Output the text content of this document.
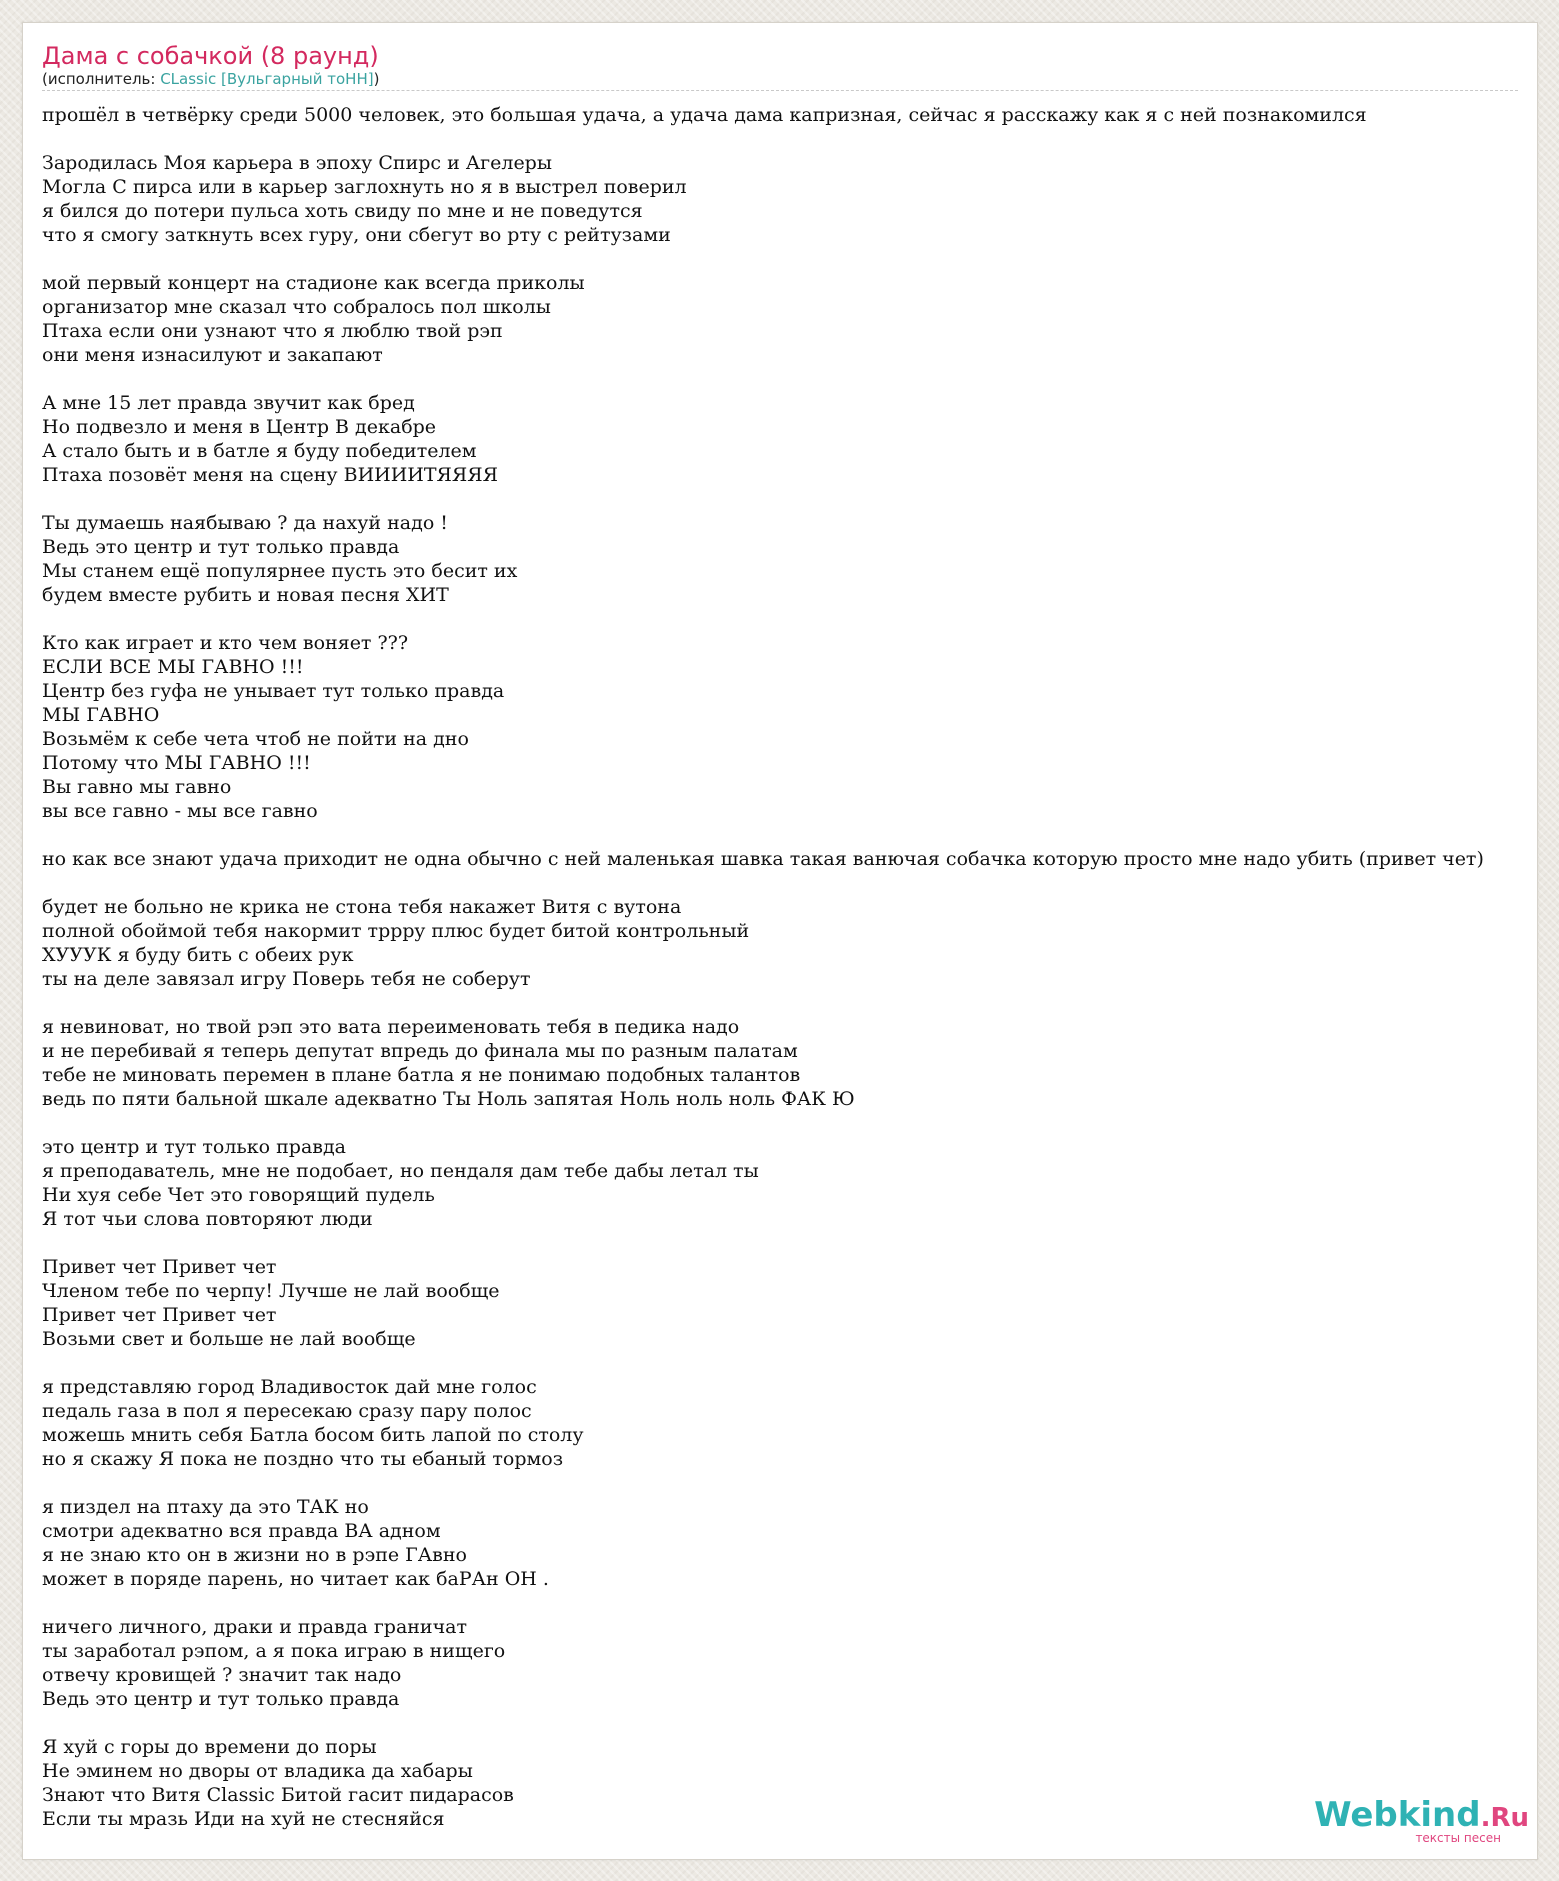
Дама с собачкой (8 раунд)
(исполнитель: CLassic [Вульгарный тоНН])
прошёл в четвёрку среди 5000 человек, это большая удача, а удача дама капризная, сейчас я расскажу как я с ней познакомился

Зародилась Моя карьера в эпоху Спирс и Агелеры
Могла С пирса или в карьер заглохнуть но я в выстрел поверил
я бился до потери пульса хоть свиду по мне и не поведутся
что я смогу заткнуть всех гуру, они сбегут во рту с рейтузами

мой первый концерт на стадионе как всегда приколы
организатор мне сказал что собралось пол школы
Птаха если они узнают что я люблю твой рэп
они меня изнасилуют и закапают

А мне 15 лет правда звучит как бред
Но подвезло и меня в Центр В декабре
А стало быть и в батле я буду победителем
Птаха позовёт меня на сцену ВИИИИТЯЯЯЯ

Ты думаешь наябываю ? да нахуй надо !
Ведь это центр и тут только правда
Мы станем ещё популярнее пусть это бесит их
будем вместе рубить и новая песня ХИТ

Кто как играет и кто чем воняет ???
ЕСЛИ ВСЕ МЫ ГАВНО !!!
Центр без гуфа не унывает тут только правда
МЫ ГАВНО
Возьмём к себе чета чтоб не пойти на дно
Потому что МЫ ГАВНО !!!
Вы гавно мы гавно
вы все гавно - мы все гавно

но как все знают удача приходит не одна обычно с ней маленькая шавка такая ванючая собачка которую просто мне надо убить (привет чет)

будет не больно не крика не стона тебя накажет Витя с вутона
полной обоймой тебя накормит трррy плюс будет битой контрольный
ХУУУК я буду бить с обеих рук
ты на деле завязал игру Поверь тебя не соберут

я невиноват, но твой рэп это вата переименовать тебя в педика надо
и не перебивай я теперь депутат впредь до финала мы по разным палатам
тебе не миновать перемен в плане батла я не понимаю подобных талантов
ведь по пяти бальной шкале адекватно Ты Ноль запятая Ноль ноль ноль ФАК Ю

это центр и тут только правда
я преподаватель, мне не подобает, но пендаля дам тебе дабы летал ты
Ни хуя себе Чет это говорящий пудель
Я тот чьи слова повторяют люди

Привет чет Привет чет
Членом тебе по черпу! Лучше не лай вообще
Привет чет Привет чет
Возьми свет и больше не лай вообще

я представляю город Владивосток дай мне голос
педаль газа в пол я пересекаю сразу пару полос
можешь мнить себя Батла босом бить лапой по столу
но я скажу Я пока не поздно что ты ебаный тормоз

я пиздел на птаху да это ТАК но
смотри адекватно вся правда ВА адном
я не знаю кто он в жизни но в рэпе ГАвно
может в поряде парень, но читает как баРАн ОН .

ничего личного, драки и правда граничат
ты заработал рэпом, а я пока играю в нищего
отвечу кровищей ? значит так надо
Ведь это центр и тут только правда

Я хуй с горы до времени до поры
Не эминем но дворы от владика да хабары
Знают что Витя Classic Битой гасит пидарасов
Если ты мразь Иди на хуй не стесняйся	Webkind.Ru
тексты песен
